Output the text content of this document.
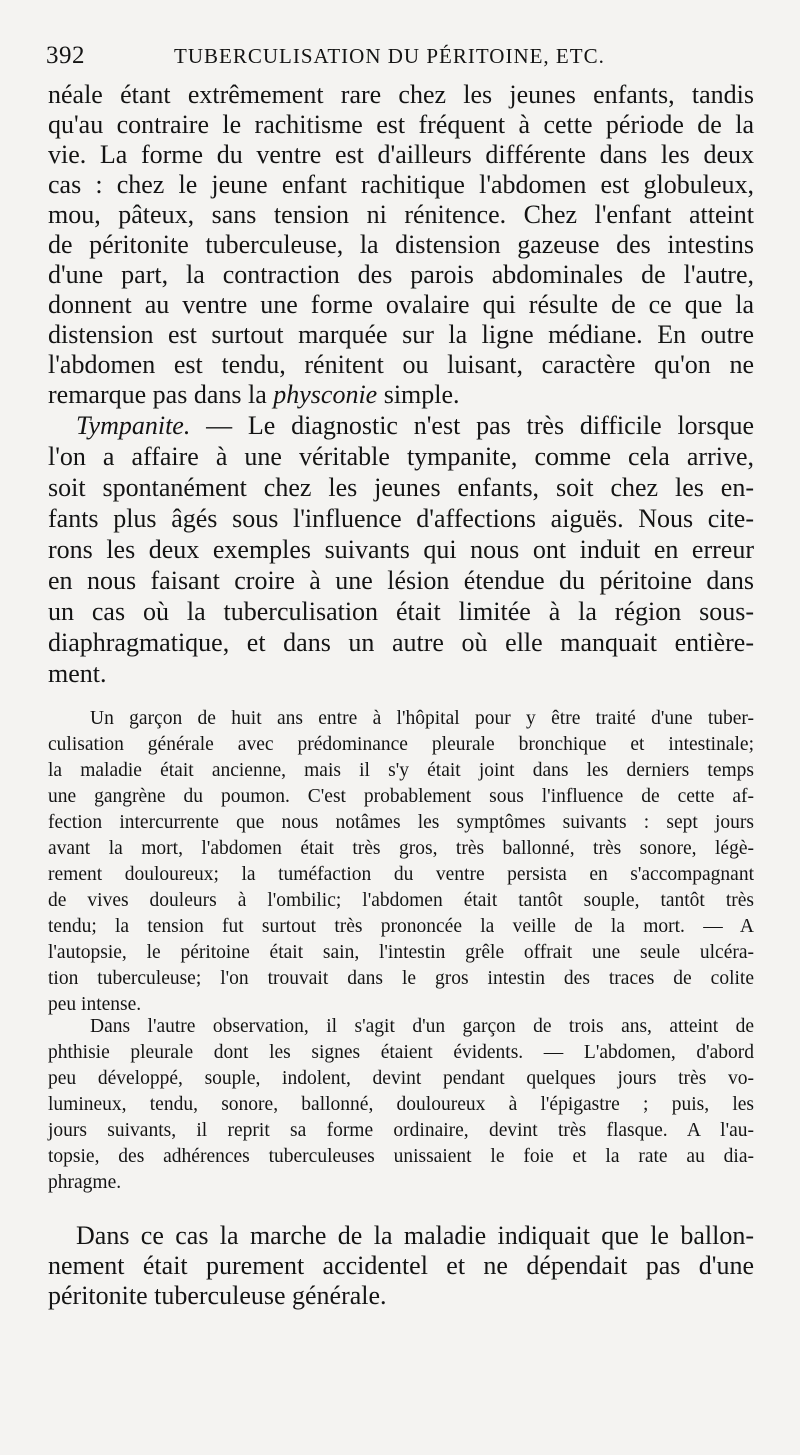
392	TUBERCULISATION DU PÉRITOINE, ETC.
néale étant extrêmement rare chez les jeunes enfants, tandis
qu'au contraire le rachitisme est fréquent à cette période de la
vie. La forme du ventre est d'ailleurs différente dans les deux
cas : chez le jeune enfant rachitique l'abdomen est globuleux,
mou, pâteux, sans tension ni rénitence. Chez l'enfant atteint
de péritonite tuberculeuse, la distension gazeuse des intestins
d'une part, la contraction des parois abdominales de l'autre,
donnent au ventre une forme ovalaire qui résulte de ce que la
distension est surtout marquée sur la ligne médiane. En outre
l'abdomen est tendu, rénitent ou luisant, caractère qu'on ne
remarque pas dans la physconie simple.
Tympanite. — Le diagnostic n'est pas très difficile lorsque
l'on a affaire à une véritable tympanite, comme cela arrive,
soit spontanément chez les jeunes enfants, soit chez les en-
fants plus âgés sous l'influence d'affections aiguës. Nous cite-
rons les deux exemples suivants qui nous ont induit en erreur
en nous faisant croire à une lésion étendue du péritoine dans
un cas où la tuberculisation était limitée à la région sous-
diaphragmatique, et dans un autre où elle manquait entière-
ment.
Un garçon de huit ans entre à l'hôpital pour y être traité d'une tuber-
culisation générale avec prédominance pleurale bronchique et intestinale;
la maladie était ancienne, mais il s'y était joint dans les derniers temps
une gangrène du poumon. C'est probablement sous l'influence de cette af-
fection intercurrente que nous notâmes les symptômes suivants : sept jours
avant la mort, l'abdomen était très gros, très ballonné, très sonore, légè-
rement douloureux; la tuméfaction du ventre persista en s'accompagnant
de vives douleurs à l'ombilic; l'abdomen était tantôt souple, tantôt très
tendu; la tension fut surtout très prononcée la veille de la mort. — A
l'autopsie, le péritoine était sain, l'intestin grêle offrait une seule ulcéra-
tion tuberculeuse; l'on trouvait dans le gros intestin des traces de colite
peu intense.
Dans l'autre observation, il s'agit d'un garçon de trois ans, atteint de
phthisie pleurale dont les signes étaient évidents. — L'abdomen, d'abord
peu développé, souple, indolent, devint pendant quelques jours très vo-
lumineux, tendu, sonore, ballonné, douloureux à l'épigastre ; puis, les
jours suivants, il reprit sa forme ordinaire, devint très flasque. A l'au-
topsie, des adhérences tuberculeuses unissaient le foie et la rate au dia-
phragme.
Dans ce cas la marche de la maladie indiquait que le ballon-
nement était purement accidentel et ne dépendait pas d'une
péritonite tuberculeuse générale.
